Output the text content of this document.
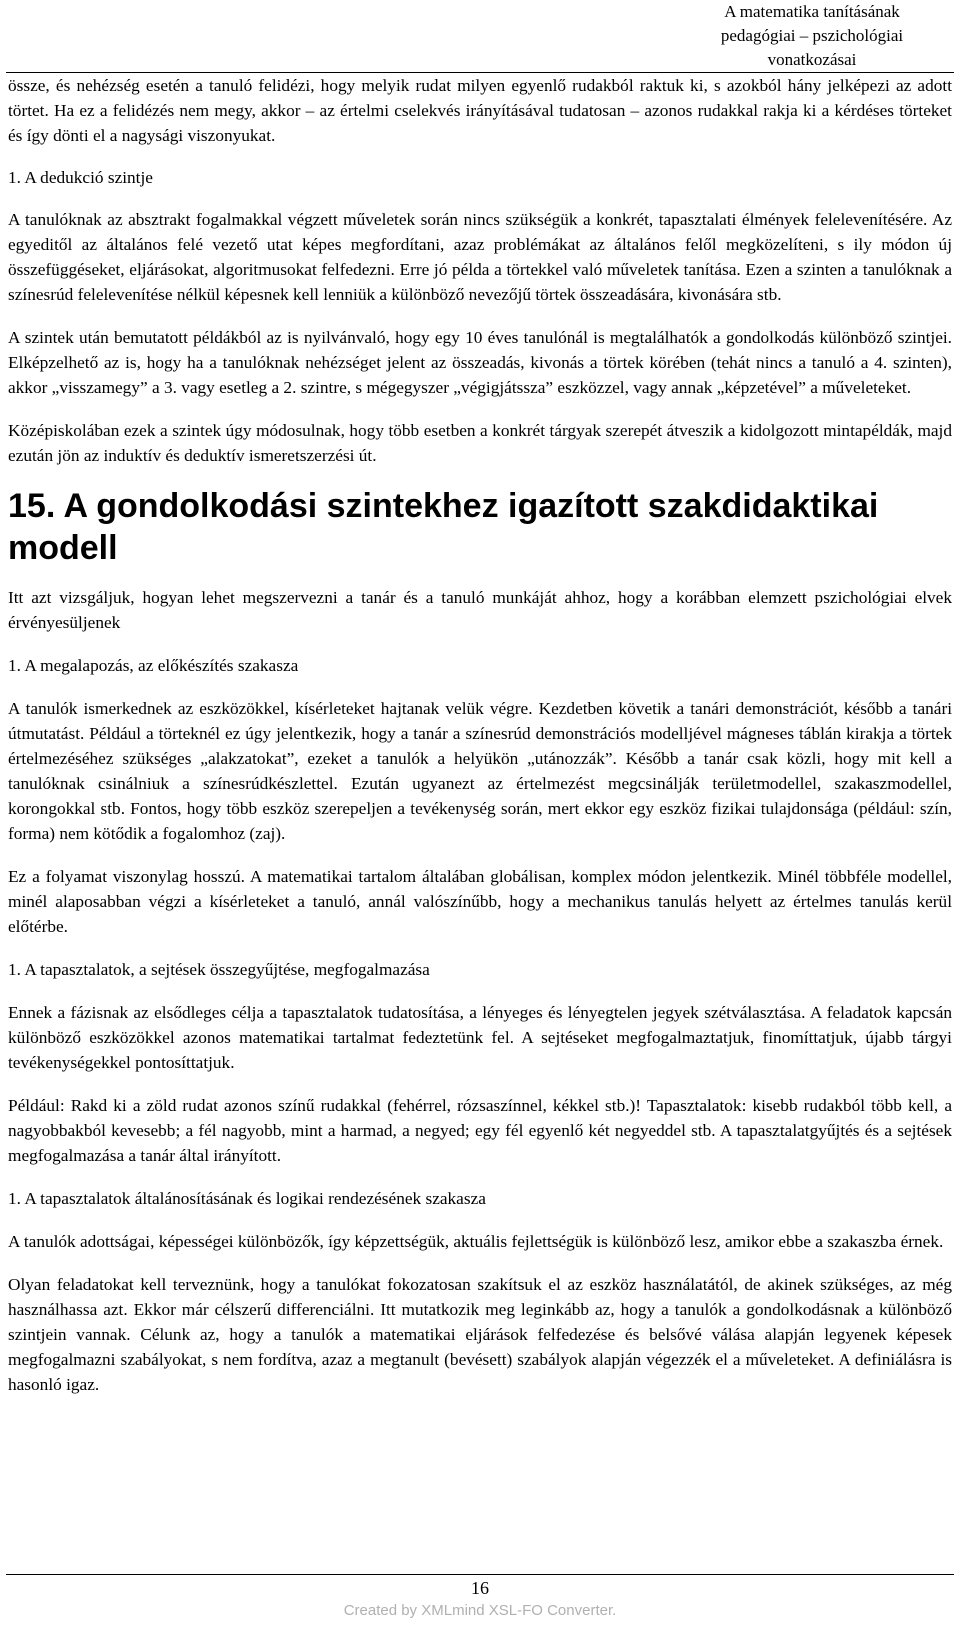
A matematika tanításának
pedagógiai – pszichológiai
vonatkozásai

össze, és nehézség esetén a tanuló felidézi, hogy melyik rudat milyen egyenlő rudakból raktuk ki, s azokból hány jelképezi az adott törtet. Ha ez a felidézés nem megy, akkor – az értelmi cselekvés irányításával tudatosan – azonos rudakkal rakja ki a kérdéses törteket és így dönti el a nagysági viszonyukat.

1. A dedukció szintje

A tanulóknak az absztrakt fogalmakkal végzett műveletek során nincs szükségük a konkrét, tapasztalati élmények felelevenítésére. Az egyeditől az általános felé vezető utat képes megfordítani, azaz problémákat az általános felől megközelíteni, s ily módon új összefüggéseket, eljárásokat, algoritmusokat felfedezni. Erre jó példa a törtekkel való műveletek tanítása. Ezen a szinten a tanulóknak a színesrúd felelevenítése nélkül képesnek kell lenniük a különböző nevezőjű törtek összeadására, kivonására stb.

A szintek után bemutatott példákból az is nyilvánvaló, hogy egy 10 éves tanulónál is megtalálhatók a gondolkodás különböző szintjei. Elképzelhető az is, hogy ha a tanulóknak nehézséget jelent az összeadás, kivonás a törtek körében (tehát nincs a tanuló a 4. szinten), akkor „visszamegy” a 3. vagy esetleg a 2. szintre, s mégegyszer „végigjátssza” eszközzel, vagy annak „képzetével” a műveleteket.

Középiskolában ezek a szintek úgy módosulnak, hogy több esetben a konkrét tárgyak szerepét átveszik a kidolgozott mintapéldák, majd ezután jön az induktív és deduktív ismeretszerzési út.

15. A gondolkodási szintekhez igazított szakdidaktikai modell

Itt azt vizsgáljuk, hogyan lehet megszervezni a tanár és a tanuló munkáját ahhoz, hogy a korábban elemzett pszichológiai elvek érvényesüljenek

1. A megalapozás, az előkészítés szakasza

A tanulók ismerkednek az eszközökkel, kísérleteket hajtanak velük végre. Kezdetben követik a tanári demonstrációt, később a tanári útmutatást. Például a törteknél ez úgy jelentkezik, hogy a tanár a színesrúd demonstrációs modelljével mágneses táblán kirakja a törtek értelmezéséhez szükséges „alakzatokat”, ezeket a tanulók a helyükön „utánozzák”. Később a tanár csak közli, hogy mit kell a tanulóknak csinálniuk a színesrúdkészlettel. Ezután ugyanezt az értelmezést megcsinálják területmodellel, szakaszmodellel, korongokkal stb. Fontos, hogy több eszköz szerepeljen a tevékenység során, mert ekkor egy eszköz fizikai tulajdonsága (például: szín, forma) nem kötődik a fogalomhoz (zaj).

Ez a folyamat viszonylag hosszú. A matematikai tartalom általában globálisan, komplex módon jelentkezik. Minél többféle modellel, minél alaposabban végzi a kísérleteket a tanuló, annál valószínűbb, hogy a mechanikus tanulás helyett az értelmes tanulás kerül előtérbe.

1. A tapasztalatok, a sejtések összegyűjtése, megfogalmazása

Ennek a fázisnak az elsődleges célja a tapasztalatok tudatosítása, a lényeges és lényegtelen jegyek szétválasztása. A feladatok kapcsán különböző eszközökkel azonos matematikai tartalmat fedeztetünk fel. A sejtéseket megfogalmaztatjuk, finomíttatjuk, újabb tárgyi tevékenységekkel pontosíttatjuk.

Például: Rakd ki a zöld rudat azonos színű rudakkal (fehérrel, rózsaszínnel, kékkel stb.)! Tapasztalatok: kisebb rudakból több kell, a nagyobbakból kevesebb; a fél nagyobb, mint a harmad, a negyed; egy fél egyenlő két negyeddel stb. A tapasztalatgyűjtés és a sejtések megfogalmazása a tanár által irányított.

1. A tapasztalatok általánosításának és logikai rendezésének szakasza

A tanulók adottságai, képességei különbözők, így képzettségük, aktuális fejlettségük is különböző lesz, amikor ebbe a szakaszba érnek.

Olyan feladatokat kell terveznünk, hogy a tanulókat fokozatosan szakítsuk el az eszköz használatától, de akinek szükséges, az még használhassa azt. Ekkor már célszerű differenciálni. Itt mutatkozik meg leginkább az, hogy a tanulók a gondolkodásnak a különböző szintjein vannak. Célunk az, hogy a tanulók a matematikai eljárások felfedezése és belsővé válása alapján legyenek képesek megfogalmazni szabályokat, s nem fordítva, azaz a megtanult (bevésett) szabályok alapján végezzék el a műveleteket. A definiálásra is hasonló igaz.

16
Created by XMLmind XSL-FO Converter.
